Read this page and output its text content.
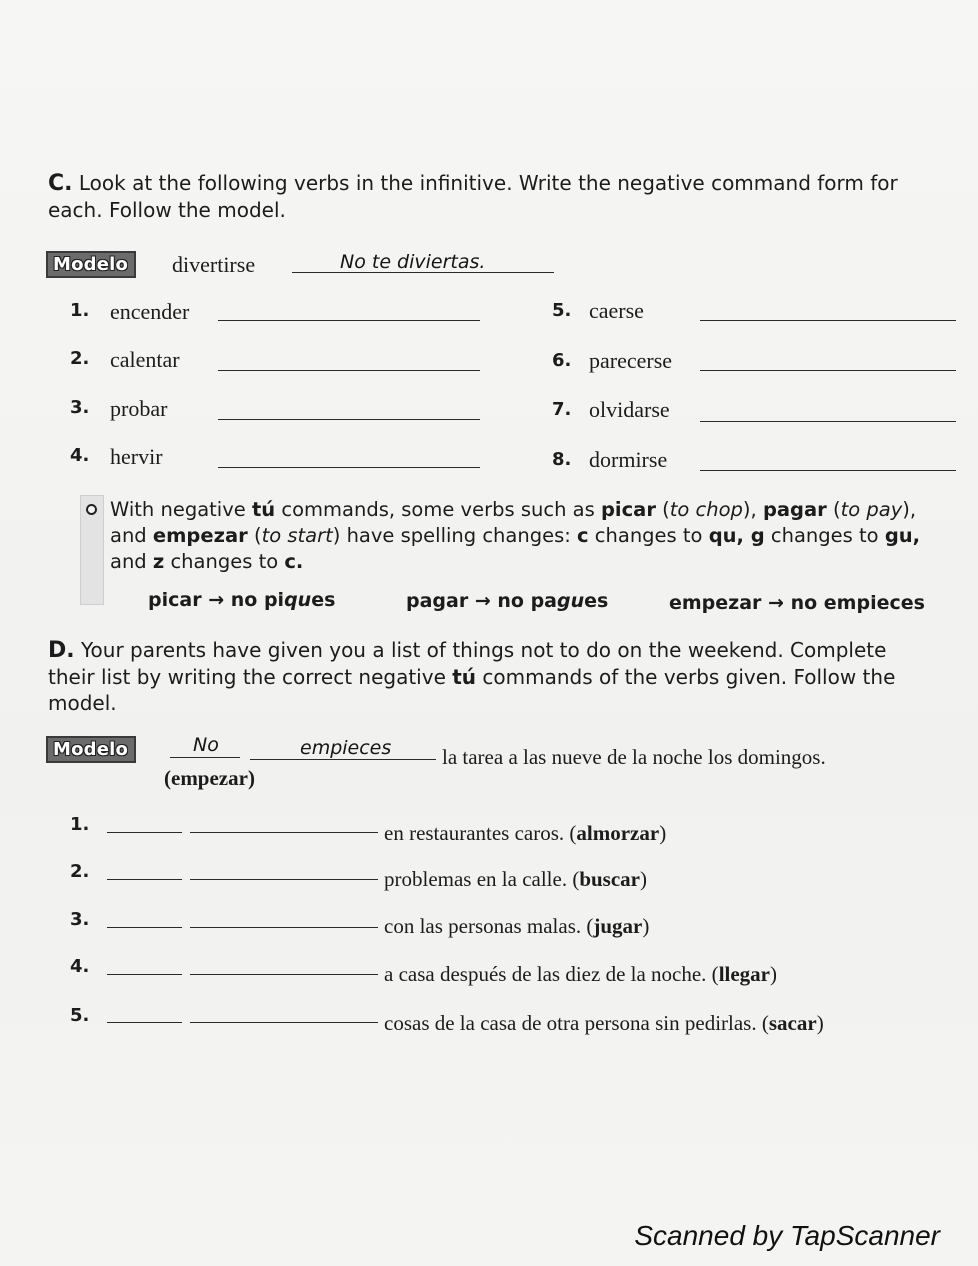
C. Look at the following verbs in the infinitive. Write the negative command form for
each. Follow the model.
Modelo	divertirse	No te diviertas.
1. encender
2. calentar
3. probar
4. hervir
5. caerse
6. parecerse
7. olvidarse
8. dormirse
With negative tú commands, some verbs such as picar (to chop), pagar (to pay),
and empezar (to start) have spelling changes: c changes to qu, g changes to gu,
and z changes to c.
picar → no piques	pagar → no pagues	empezar → no empieces
D. Your parents have given you a list of things not to do on the weekend. Complete
their list by writing the correct negative tú commands of the verbs given. Follow the
model.
Modelo	No	empieces la tarea a las nueve de la noche los domingos.
(empezar)
1.	en restaurantes caros. (almorzar)
2.	problemas en la calle. (buscar)
3.	con las personas malas. (jugar)
4.	a casa después de las diez de la noche. (llegar)
5.	cosas de la casa de otra persona sin pedirlas. (sacar)
Scanned by TapScanner
